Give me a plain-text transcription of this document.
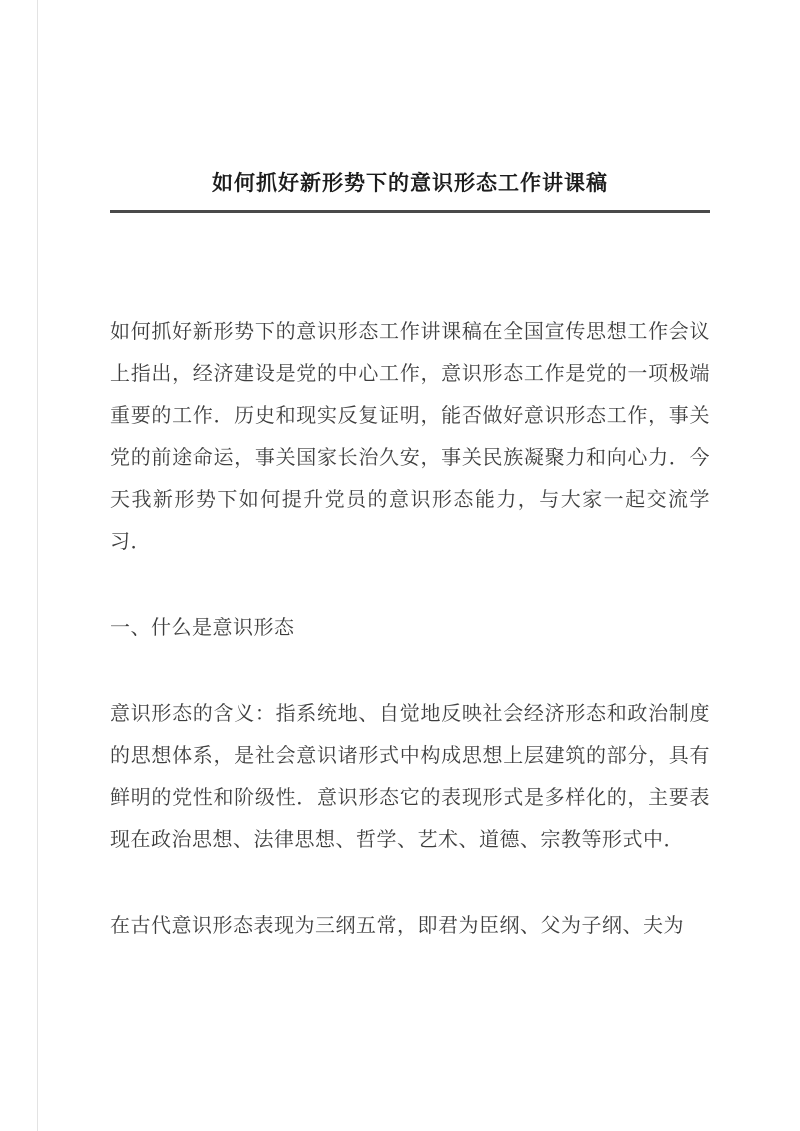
如何抓好新形势下的意识形态工作讲课稿

如何抓好新形势下的意识形态工作讲课稿在全国宣传思想工作会议上指出，经济建设是党的中心工作，意识形态工作是党的一项极端重要的工作．历史和现实反复证明，能否做好意识形态工作，事关党的前途命运，事关国家长治久安，事关民族凝聚力和向心力．今天我新形势下如何提升党员的意识形态能力，与大家一起交流学习．

一、什么是意识形态

意识形态的含义：指系统地、自觉地反映社会经济形态和政治制度的思想体系，是社会意识诸形式中构成思想上层建筑的部分，具有鲜明的党性和阶级性．意识形态它的表现形式是多样化的，主要表现在政治思想、法律思想、哲学、艺术、道德、宗教等形式中．

在古代意识形态表现为三纲五常，即君为臣纲、父为子纲、夫为
